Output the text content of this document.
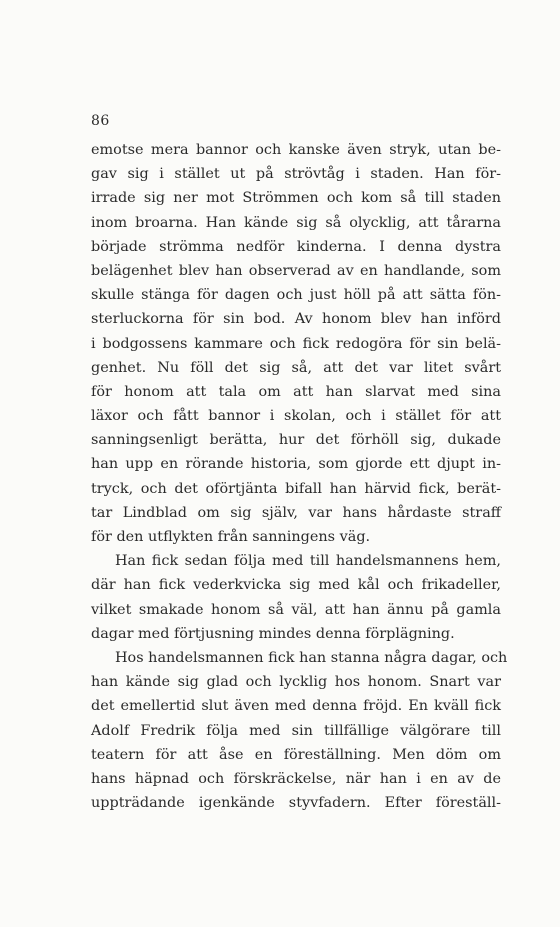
86
emotse mera bannor och kanske även stryk, utan be-
gav sig i stället ut på strövtåg i staden. Han för-
irrade sig ner mot Strömmen och kom så till staden
inom broarna. Han kände sig så olycklig, att tårarna
började strömma nedför kinderna. I denna dystra
belägenhet blev han observerad av en handlande, som
skulle stänga för dagen och just höll på att sätta fön-
sterluckorna för sin bod. Av honom blev han införd
i bodgossens kammare och fick redogöra för sin belä-
genhet. Nu föll det sig så, att det var litet svårt
för honom att tala om att han slarvat med sina
läxor och fått bannor i skolan, och i stället för att
sanningsenligt berätta, hur det förhöll sig, dukade
han upp en rörande historia, som gjorde ett djupt in-
tryck, och det oförtjänta bifall han härvid fick, berät-
tar Lindblad om sig själv, var hans hårdaste straff
för den utflykten från sanningens väg.
Han fick sedan följa med till handelsmannens hem,
där han fick vederkvicka sig med kål och frikadeller,
vilket smakade honom så väl, att han ännu på gamla
dagar med förtjusning mindes denna förplägning.
Hos handelsmannen fick han stanna några dagar, och
han kände sig glad och lycklig hos honom. Snart var
det emellertid slut även med denna fröjd. En kväll fick
Adolf Fredrik följa med sin tillfällige välgörare till
teatern för att åse en föreställning. Men döm om
hans häpnad och förskräckelse, när han i en av de
uppträdande igenkände styvfadern. Efter föreställ-
